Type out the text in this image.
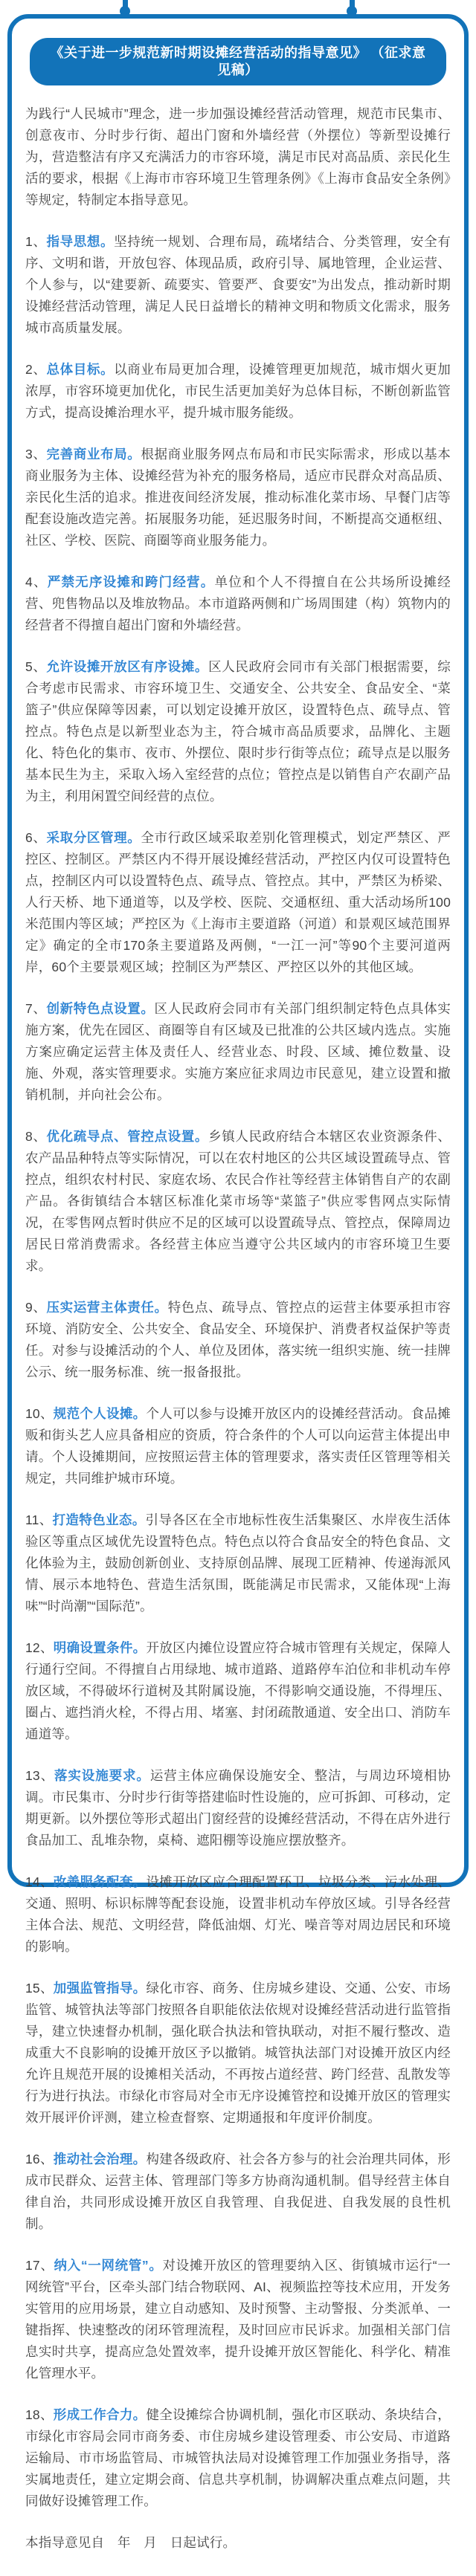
《关于进一步规范新时期设摊经营活动的指导意见》 （征求意见稿）

为践行“人民城市”理念，进一步加强设摊经营活动管理，规范市民集市、创意夜市、分时步行街、超出门窗和外墙经营（外摆位）等新型设摊行为，营造整洁有序又充满活力的市容环境，满足市民对高品质、亲民化生活的要求，根据《上海市市容环境卫生管理条例》《上海市食品安全条例》等规定，特制定本指导意见。

1、指导思想。坚持统一规划、合理布局，疏堵结合、分类管理，安全有序、文明和谐，开放包容、体现品质，政府引导、属地管理，企业运营、个人参与，以“建要新、疏要实、管要严、食要安”为出发点，推动新时期设摊经营活动管理，满足人民日益增长的精神文明和物质文化需求，服务城市高质量发展。

2、总体目标。以商业布局更加合理，设摊管理更加规范，城市烟火更加浓厚，市容环境更加优化，市民生活更加美好为总体目标，不断创新监管方式，提高设摊治理水平，提升城市服务能级。

3、完善商业布局。根据商业服务网点布局和市民实际需求，形成以基本商业服务为主体、设摊经营为补充的服务格局，适应市民群众对高品质、亲民化生活的追求。推进夜间经济发展，推动标准化菜市场、早餐门店等配套设施改造完善。拓展服务功能，延迟服务时间，不断提高交通枢纽、社区、学校、医院、商圈等商业服务能力。

4、严禁无序设摊和跨门经营。单位和个人不得擅自在公共场所设摊经营、兜售物品以及堆放物品。本市道路两侧和广场周围建（构）筑物内的经营者不得擅自超出门窗和外墙经营。

5、允许设摊开放区有序设摊。区人民政府会同市有关部门根据需要，综合考虑市民需求、市容环境卫生、交通安全、公共安全、食品安全、“菜篮子”供应保障等因素，可以划定设摊开放区，设置特色点、疏导点、管控点。特色点是以新型业态为主，符合城市高品质要求，品牌化、主题化、特色化的集市、夜市、外摆位、限时步行街等点位；疏导点是以服务基本民生为主，采取入场入室经营的点位；管控点是以销售自产农副产品为主，利用闲置空间经营的点位。

6、采取分区管理。全市行政区域采取差别化管理模式，划定严禁区、严控区、控制区。严禁区内不得开展设摊经营活动，严控区内仅可设置特色点，控制区内可以设置特色点、疏导点、管控点。其中，严禁区为桥梁、人行天桥、地下通道等，以及学校、医院、交通枢纽、重大活动场所100米范围内等区域；严控区为《上海市主要道路（河道）和景观区域范围界定》确定的全市170条主要道路及两侧，“一江一河”等90个主要河道两岸，60个主要景观区域；控制区为严禁区、严控区以外的其他区域。

7、创新特色点设置。区人民政府会同市有关部门组织制定特色点具体实施方案，优先在园区、商圈等自有区域及已批准的公共区域内选点。实施方案应确定运营主体及责任人、经营业态、时段、区域、摊位数量、设施、外观，落实管理要求。实施方案应征求周边市民意见，建立设置和撤销机制，并向社会公布。

8、优化疏导点、管控点设置。乡镇人民政府结合本辖区农业资源条件、农产品品种特点等实际情况，可以在农村地区的公共区域设置疏导点、管控点，组织农村村民、家庭农场、农民合作社等经营主体销售自产的农副产品。各街镇结合本辖区标准化菜市场等“菜篮子”供应零售网点实际情况，在零售网点暂时供应不足的区域可以设置疏导点、管控点，保障周边居民日常消费需求。各经营主体应当遵守公共区域内的市容环境卫生要求。

9、压实运营主体责任。特色点、疏导点、管控点的运营主体要承担市容环境、消防安全、公共安全、食品安全、环境保护、消费者权益保护等责任。对参与设摊活动的个人、单位及团体，落实统一组织实施、统一挂牌公示、统一服务标准、统一报备报批。

10、规范个人设摊。个人可以参与设摊开放区内的设摊经营活动。食品摊贩和街头艺人应具备相应的资质，符合条件的个人可以向运营主体提出申请。个人设摊期间，应按照运营主体的管理要求，落实责任区管理等相关规定，共同维护城市环境。

11、打造特色业态。引导各区在全市地标性夜生活集聚区、水岸夜生活体验区等重点区域优先设置特色点。特色点以符合食品安全的特色食品、文化体验为主，鼓励创新创业、支持原创品牌、展现工匠精神、传递海派风情、展示本地特色、营造生活氛围，既能满足市民需求，又能体现“上海味”“时尚潮”“国际范”。

12、明确设置条件。开放区内摊位设置应符合城市管理有关规定，保障人行通行空间。不得擅自占用绿地、城市道路、道路停车泊位和非机动车停放区域，不得破坏行道树及其附属设施，不得影响交通设施，不得埋压、圈占、遮挡消火栓，不得占用、堵塞、封闭疏散通道、安全出口、消防车通道等。

13、落实设施要求。运营主体应确保设施安全、整洁，与周边环境相协调。市民集市、分时步行街等搭建临时性设施的，应可拆卸、可移动，定期更新。以外摆位等形式超出门窗经营的设摊经营活动，不得在店外进行食品加工、乱堆杂物，桌椅、遮阳棚等设施应摆放整齐。

14、改善服务配套。设摊开放区应合理配置环卫、垃圾分类、污水处理、交通、照明、标识标牌等配套设施，设置非机动车停放区域。引导各经营主体合法、规范、文明经营，降低油烟、灯光、噪音等对周边居民和环境的影响。

15、加强监管指导。绿化市容、商务、住房城乡建设、交通、公安、市场监管、城管执法等部门按照各自职能依法依规对设摊经营活动进行监管指导，建立快速督办机制，强化联合执法和管执联动，对拒不履行整改、造成重大不良影响的设摊开放区予以撤销。城管执法部门对设摊开放区内经允许且规范开展的设摊相关活动，不再按占道经营、跨门经营、乱散发等行为进行执法。市绿化市容局对全市无序设摊管控和设摊开放区的管理实效开展评价评测，建立检查督察、定期通报和年度评价制度。

16、推动社会治理。构建各级政府、社会各方参与的社会治理共同体，形成市民群众、运营主体、管理部门等多方协商沟通机制。倡导经营主体自律自治，共同形成设摊开放区自我管理、自我促进、自我发展的良性机制。

17、纳入“一网统管”。对设摊开放区的管理要纳入区、街镇城市运行“一网统管”平台，区牵头部门结合物联网、AI、视频监控等技术应用，开发务实管用的应用场景，建立自动感知、及时预警、主动警报、分类派单、一键指挥、快速整改的闭环管理流程，及时回应市民诉求。加强相关部门信息实时共享，提高应急处置效率，提升设摊开放区智能化、科学化、精准化管理水平。

18、形成工作合力。健全设摊综合协调机制，强化市区联动、条块结合，市绿化市容局会同市商务委、市住房城乡建设管理委、市公安局、市道路运输局、市市场监管局、市城管执法局对设摊管理工作加强业务指导，落实属地责任，建立定期会商、信息共享机制，协调解决重点难点问题，共同做好设摊管理工作。

本指导意见自　年　月　日起试行。
